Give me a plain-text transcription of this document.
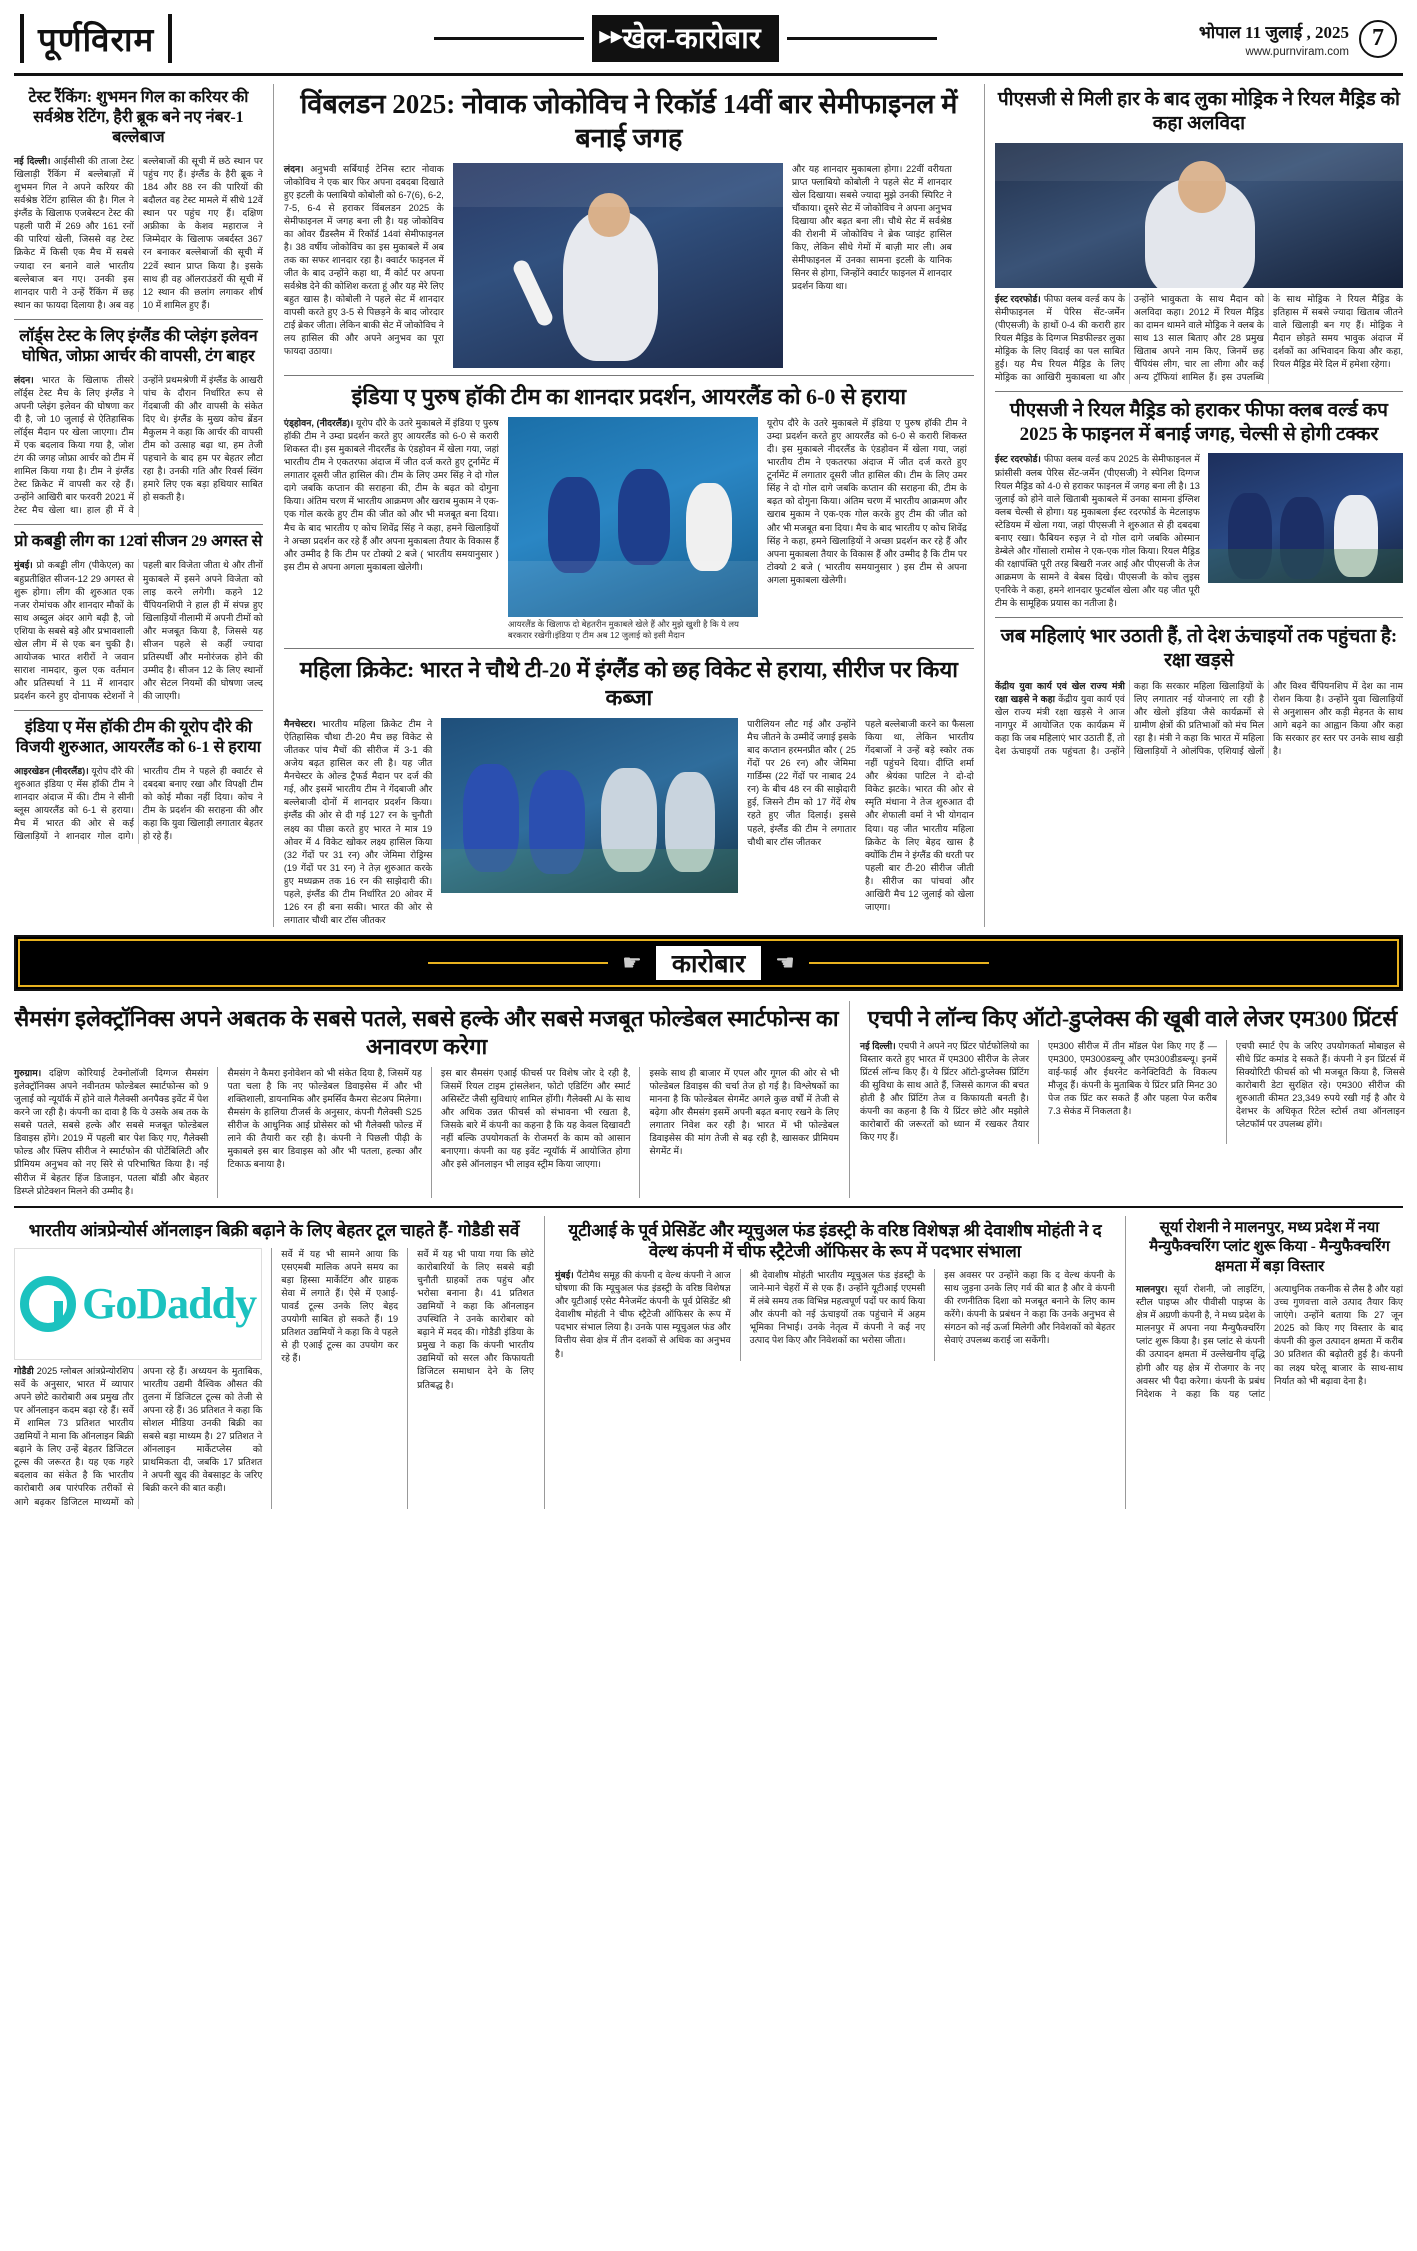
पूर्णविराम	▶▶ खेल-कारोबार	भोपाल 11 जुलाई , 2025
www.purnviram.com
7
टेस्ट रैंकिंग: शुभमन गिल का करियर की सर्वश्रेष्ठ रेटिंग, हैरी ब्रूक बने नए नंबर-1 बल्लेबाज
नई दिल्ली। आईसीसी की ताजा टेस्ट खिलाड़ी रैंकिंग में बल्लेबाज़ों में शुभमन गिल ने अपने करियर की सर्वश्रेष्ठ रेटिंग हासिल की है। गिल ने इंग्लैंड के खिलाफ एजबेस्टन टेस्ट की पहली पारी में 269 और 161 रनों की पारियां खेली, जिससे वह टेस्ट क्रिकेट में किसी एक मैच में सबसे ज्यादा रन बनाने वाले भारतीय बल्लेबाज बन गए। उनकी इस शानदार पारी ने उन्हें रैंकिंग में छह स्थान का फायदा दिलाया है। अब वह बल्लेबाजों की सूची में छठे स्थान पर पहुंच गए हैं। इंग्लैंड के हैरी ब्रूक ने 184 और 88 रन की पारियों की बदौलत वह टेस्ट मामले में सीधे 12वें स्थान पर पहुंच गए हैं। दक्षिण अफ्रीका के केशव महाराज ने जिम्मेदार के खिलाफ जबर्दस्त 367 रन बनाकर बल्लेबाजों की सूची में 22वें स्थान प्राप्त किया है। इसके साथ ही वह ऑलराउंडरों की सूची में 12 स्थान की छलांग लगाकर शीर्ष 10 में शामिल हुए हैं।
लॉर्ड्स टेस्ट के लिए इंग्लैंड की प्लेइंग इलेवन घोषित, जोफ्रा आर्चर की वापसी, टंग बाहर
लंदन। भारत के खिलाफ तीसरे लॉर्ड्स टेस्ट मैच के लिए इंग्लैंड ने अपनी प्लेइंग इलेवन की घोषणा कर दी है, जो 10 जुलाई से ऐतिहासिक लॉर्ड्स मैदान पर खेला जाएगा। टीम में एक बदलाव किया गया है, जोश टंग की जगह जोफ्रा आर्चर को टीम में शामिल किया गया है। टीम ने इंग्लैंड टेस्ट क्रिकेट में वापसी कर रहे हैं। उन्होंने आखिरी बार फरवरी 2021 में टेस्ट मैच खेला था। हाल ही में वे उन्होंने प्रथमश्रेणी में इंग्लैंड के आखरी पांच के दौरान निर्धारित रूप से गेंदबाजी की और वापसी के संकेत दिए थे। इंग्लैंड के मुख्य कोच ब्रेंडन मैकुलम ने कहा कि आर्चर की वापसी टीम को उत्साह बढ़ा था, हम तेजी पहचाने के बाद हम पर बेहतर लौटा रहा है। उनकी गति और रिवर्स स्विंग हमारे लिए एक बड़ा हथियार साबित हो सकती है।
प्रो कबड्डी लीग का 12वां सीजन 29 अगस्त से
मुंबई। प्रो कबड्डी लीग (पीकेएल) का बहुप्रतीक्षित सीजन-12 29 अगस्त से शुरू होगा। लीग की शुरुआत एक नजर रोमांचक और शानदार मौकों के साथ अब्दुल अंदर आगे बढ़ी है, जो एशिया के सबसे बड़े और प्रभावशाली खेल लीग में से एक बन चुकी है। आयोजक भारत शरीरों ने जवान साराश नामदार, कुल एक वर्तमान और प्रतिस्पर्धा ने 11 में शानदार प्रदर्शन करने हुए दोनापक स्टेशनों ने पहली बार विजेता जीता थे और तीनों मुकाबले में इसने अपने विजेता को लाइ करने लगेगी। कहने 12 चैंपियनशिपी ने हाल ही में संपन्न हुए खिलाड़ियों नीलामी में अपनी टीमों को और मजबूत किया है, जिससे यह सीजन पहले से कहीं ज्यादा प्रतिस्पर्धी और मनोरंजक होने की उम्मीद है। सीजन 12 के लिए स्थानों और सेटल नियमों की घोषणा जल्द की जाएगी।
इंडिया ए मेंस हॉकी टीम की यूरोप दौरे की विजयी शुरुआत, आयरलैंड को 6-1 से हराया
आइरखेडन (नीदरलैंड)। यूरोप दौरे की शुरुआत इंडिया ए मेंस हॉकी टीम ने शानदार अंदाज में की। टीम ने सीनी ब्लूस आयरलैंड को 6-1 से हराया। मैच में भारत की ओर से कई खिलाड़ियों ने शानदार गोल दागे। भारतीय टीम ने पहले ही क्वार्टर से दबदबा बनाए रखा और विपक्षी टीम को कोई मौका नहीं दिया। कोच ने टीम के प्रदर्शन की सराहना की और कहा कि युवा खिलाड़ी लगातार बेहतर हो रहे हैं।
विंबलडन 2025: नोवाक जोकोविच ने रिकॉर्ड 14वीं बार सेमीफाइनल में बनाई जगह
लंदन। अनुभवी सर्बियाई टेनिस स्टार नोवाक जोकोविच ने एक बार फिर अपना दबदबा दिखाते हुए इटली के फ्लाबियो कोबोली को 6-7(6), 6-2, 7-5, 6-4 से हराकर विंबलडन 2025 के सेमीफाइनल में जगह बना ली है। यह जोकोविच का ओवर ग्रैंडस्लैम में रिकॉर्ड 14वां सेमीफाइनल है। 38 वर्षीय जोकोविच का इस मुकाबले में अब तक का सफर शानदार रहा है। क्वार्टर फाइनल में जीत के बाद उन्होंने कहा था, मैं कोर्ट पर अपना सर्वश्रेष्ठ देने की कोशिश करता हूं और यह मेरे लिए बहुत खास है। कोबोली ने पहले सेट में शानदार वापसी करते हुए 3-5 से पिछड़ने के बाद जोरदार टाई ब्रेकर जीता। लेकिन बाकी सेट में जोकोविच ने लय हासिल की और अपने अनुभव का पूरा फायदा उठाया।
और यह शानदार मुकाबला होगा। 22वीं वरीयता प्राप्त फ्लाबियो कोबोली ने पहले सेट में शानदार खेल दिखाया। सबसे ज्यादा मुझे उनकी स्पिरिट ने चौंकाया। दूसरे सेट में जोकोविच ने अपना अनुभव दिखाया और बढ़त बना ली। चौथे सेट में सर्वश्रेष्ठ की रोशनी में जोकोविच ने ब्रेक प्वाइंट हासिल किए, लेकिन सीधे गेमों में बाज़ी मार ली। अब सेमीफाइनल में उनका सामना इटली के यानिक सिनर से होगा, जिन्होंने क्वार्टर फाइनल में शानदार प्रदर्शन किया था।
इंडिया ए पुरुष हॉकी टीम का शानदार प्रदर्शन, आयरलैंड को 6-0 से हराया
एंड्होवन, (नीदरलैंड)। यूरोप दौरे के उतरे मुकाबले में इंडिया ए पुरुष हॉकी टीम ने उम्दा प्रदर्शन करते हुए आयरलैंड को 6-0 से करारी शिकस्त दी। इस मुकाबले नीदरलैंड के एंडहोवन में खेला गया, जहां भारतीय टीम ने एकतरफा अंदाज में जीत दर्ज करते हुए टूर्नामेंट में लगातार दूसरी जीत हासिल की। टीम के लिए उमर सिंह ने दो गोल दागे जबकि कप्तान की सराहना की, टीम के बढ़त को दोगुना किया। अंतिम चरण में भारतीय आक्रमण और खराब मुकाम ने एक-एक गोल करके हुए टीम की जीत को और भी मजबूत बना दिया। मैच के बाद भारतीय ए कोच शिवेंद्र सिंह ने कहा, हमने खिलाड़ियों ने अच्छा प्रदर्शन कर रहे हैं और अपना मुकाबला तैयार के विकास हैं और उम्मीद है कि टीम पर टोक्यो 2 बजे ( भारतीय समयानुसार ) इस टीम से अपना अगला मुकाबला खेलेगी।
आयरलैंड के खिलाफ दो बेहतरीन मुकाबले खेले हैं और मुझे खुशी है कि ये लय बरकरार रखेगी।इंडिया ए टीम अब 12 जुलाई को इसी मैदान
यूरोप दौरे के उतरे मुकाबले में इंडिया ए पुरुष हॉकी टीम ने उम्दा प्रदर्शन करते हुए आयरलैंड को 6-0 से करारी शिकस्त दी। इस मुकाबले नीदरलैंड के एंडहोवन में खेला गया, जहां भारतीय टीम ने एकतरफा अंदाज में जीत दर्ज करते हुए टूर्नामेंट में लगातार दूसरी जीत हासिल की। टीम के लिए उमर सिंह ने दो गोल दागे जबकि कप्तान की सराहना की, टीम के बढ़त को दोगुना किया। अंतिम चरण में भारतीय आक्रमण और खराब मुकाम ने एक-एक गोल करके हुए टीम की जीत को और भी मजबूत बना दिया। मैच के बाद भारतीय ए कोच शिवेंद्र सिंह ने कहा, हमने खिलाड़ियों ने अच्छा प्रदर्शन कर रहे हैं और अपना मुकाबला तैयार के विकास हैं और उम्मीद है कि टीम पर टोक्यो 2 बजे ( भारतीय समयानुसार ) इस टीम से अपना अगला मुकाबला खेलेगी।
महिला क्रिकेट: भारत ने चौथे टी-20 में इंग्लैंड को छह विकेट से हराया, सीरीज पर किया कब्जा
मैनचेस्टर। भारतीय महिला क्रिकेट टीम ने ऐतिहासिक चौथा टी-20 मैच छह विकेट से जीतकर पांच मैचों की सीरीज में 3-1 की अजेय बढ़त हासिल कर ली है। यह जीत मैनचेस्टर के ओल्ड ट्रैफर्ड मैदान पर दर्ज की गई, और इसमें भारतीय टीम ने गेंदबाजी और बल्लेबाजी दोनों में शानदार प्रदर्शन किया। इंग्लैंड की ओर से दी गई 127 रन के चुनौती लक्ष्य का पीछा करते हुए भारत ने मात्र 19 ओवर में 4 विकेट खोकर लक्ष्य हासिल किया (32 गेंदों पर 31 रन) और जेमिमा रोड्रिग्स (19 गेंदों पर 31 रन) ने तेज़ शुरुआत करके हुए मध्यक्रम तक 16 रन की साझेदारी की। पहले, इंग्लैंड की टीम निर्धारित 20 ओवर में 126 रन ही बना सकी। भारत की ओर से लगातार चौथी बार टॉस जीतकर
पारीलियन लौट गई और उन्होंने मैच जीतने के उम्मीदें जगाई इसके बाद कप्तान हरमनप्रीत कौर ( 25 गेंदों पर 26 रन) और जेमिमा गार्डिम्स (22 गेंदों पर नाबाद 24 रन) के बीच 48 रन की साझेदारी हुई, जिसने टीम को 17 गेंदें शेष रहते हुए जीत दिलाई। इससे पहले, इंग्लैंड की टीम ने लगातार चौथी बार टॉस जीतकर
पहले बल्लेबाजी करने का फैसला किया था, लेकिन भारतीय गेंदबाजों ने उन्हें बड़े स्कोर तक नहीं पहुंचने दिया। दीप्ति शर्मा और श्रेयंका पाटिल ने दो-दो विकेट झटके। भारत की ओर से स्मृति मंधाना ने तेज शुरुआत दी और शेफाली वर्मा ने भी योगदान दिया। यह जीत भारतीय महिला क्रिकेट के लिए बेहद खास है क्योंकि टीम ने इंग्लैंड की धरती पर पहली बार टी-20 सीरीज जीती है। सीरीज का पांचवां और आखिरी मैच 12 जुलाई को खेला जाएगा।
पीएसजी से मिली हार के बाद लुका मोड्रिक ने रियल मैड्रिड को कहा अलविदा
ईस्ट रदरफोर्ड। फीफा क्लब वर्ल्ड कप के सेमीफाइनल में पेरिस सेंट-जर्मेन (पीएसजी) के हाथों 0-4 की करारी हार रियल मैड्रिड के दिग्गज मिडफील्डर लुका मोड्रिक के लिए विदाई का पल साबित हुई। यह मैच रियल मैड्रिड के लिए मोड्रिक का आखिरी मुकाबला था और उन्होंने भावुकता के साथ मैदान को अलविदा कहा। 2012 में रियल मैड्रिड का दामन थामने वाले मोड्रिक ने क्लब के साथ 13 साल बिताए और 28 प्रमुख खिताब अपने नाम किए, जिनमें छह चैंपियंस लीग, चार ला लीगा और कई अन्य ट्रॉफियां शामिल हैं। इस उपलब्धि के साथ मोड्रिक ने रियल मैड्रिड के इतिहास में सबसे ज्यादा खिताब जीतने वाले खिलाड़ी बन गए हैं। मोड्रिक ने मैदान छोड़ते समय भावुक अंदाज में दर्शकों का अभिवादन किया और कहा, रियल मैड्रिड मेरे दिल में हमेशा रहेगा।
पीएसजी ने रियल मैड्रिड को हराकर फीफा क्लब वर्ल्ड कप 2025 के फाइनल में बनाई जगह, चेल्सी से होगी टक्कर
ईस्ट रदरफोर्ड। फीफा क्लब वर्ल्ड कप 2025 के सेमीफाइनल में फ्रांसीसी क्लब पेरिस सेंट-जर्मेन (पीएसजी) ने स्पेनिश दिग्गज रियल मैड्रिड को 4-0 से हराकर फाइनल में जगह बना ली है। 13 जुलाई को होने वाले खिताबी मुकाबले में उनका सामना इंग्लिश क्लब चेल्सी से होगा। यह मुकाबला ईस्ट रदरफोर्ड के मेटलाइफ स्टेडियम में खेला गया, जहां पीएसजी ने शुरुआत से ही दबदबा बनाए रखा। फैबियन रुइज़ ने दो गोल दागे जबकि ओस्मान डेम्बेले और गोंसालो रामोस ने एक-एक गोल किया। रियल मैड्रिड की रक्षापंक्ति पूरी तरह बिखरी नजर आई और पीएसजी के तेज आक्रमण के सामने वे बेबस दिखे। पीएसजी के कोच लुइस एनरिके ने कहा, हमने शानदार फुटबॉल खेला और यह जीत पूरी टीम के सामूहिक प्रयास का नतीजा है।
जब महिलाएं भार उठाती हैं, तो देश ऊंचाइयों तक पहुंचता है: रक्षा खड़से
केंद्रीय युवा कार्य एवं खेल राज्य मंत्री रक्षा खड़से ने कहा केंद्रीय युवा कार्य एवं खेल राज्य मंत्री रक्षा खड़से ने आज नागपुर में आयोजित एक कार्यक्रम में कहा कि जब महिलाएं भार उठाती हैं, तो देश ऊंचाइयों तक पहुंचता है। उन्होंने कहा कि सरकार महिला खिलाड़ियों के लिए लगातार नई योजनाएं ला रही है और खेलो इंडिया जैसे कार्यक्रमों से ग्रामीण क्षेत्रों की प्रतिभाओं को मंच मिल रहा है। मंत्री ने कहा कि भारत में महिला खिलाड़ियों ने ओलंपिक, एशियाई खेलों और विश्व चैंपियनशिप में देश का नाम रोशन किया है। उन्होंने युवा खिलाड़ियों से अनुशासन और कड़ी मेहनत के साथ आगे बढ़ने का आह्वान किया और कहा कि सरकार हर स्तर पर उनके साथ खड़ी है।
☛	कारोबार	☚
सैमसंग इलेक्ट्रॉनिक्स अपने अबतक के सबसे पतले, सबसे हल्के और सबसे मजबूत फोल्डेबल स्मार्टफोन्स का अनावरण करेगा
गुरुग्राम। दक्षिण कोरियाई टेक्नोलॉजी दिग्गज सैमसंग इलेक्ट्रॉनिक्स अपने नवीनतम फोल्डेबल स्मार्टफोन्स को 9 जुलाई को न्यूयॉर्क में होने वाले गैलेक्सी अनपैक्ड इवेंट में पेश करने जा रही है। कंपनी का दावा है कि ये उसके अब तक के सबसे पतले, सबसे हल्के और सबसे मजबूत फोल्डेबल डिवाइस होंगे। 2019 में पहली बार पेश किए गए, गैलेक्सी फोल्ड और फ्लिप सीरीज ने स्मार्टफोन की पोर्टेबिलिटी और प्रीमियम अनुभव को नए सिरे से परिभाषित किया है। नई सीरीज में बेहतर हिंज डिजाइन, पतला बॉडी और बेहतर डिस्प्ले प्रोटेक्शन मिलने की उम्मीद है।
सैमसंग ने कैमरा इनोवेशन को भी संकेत दिया है, जिसमें यह पता चला है कि नए फोल्डेबल डिवाइसेस में और भी शक्तिशाली, डायनामिक और इमर्सिव कैमरा सेटअप मिलेगा। सैमसंग के हालिया टीजर्स के अनुसार, कंपनी गैलेक्सी S25 सीरीज के आधुनिक आई प्रोसेसर को भी गैलेक्सी फोल्ड में लाने की तैयारी कर रही है। कंपनी ने पिछली पीढ़ी के मुकाबले इस बार डिवाइस को और भी पतला, हल्का और टिकाऊ बनाया है।
इस बार सैमसंग एआई फीचर्स पर विशेष जोर दे रही है, जिसमें रियल टाइम ट्रांसलेशन, फोटो एडिटिंग और स्मार्ट असिस्टेंट जैसी सुविधाएं शामिल होंगी। गैलेक्सी AI के साथ और अधिक उन्नत फीचर्स को संभावना भी रखता है, जिसके बारे में कंपनी का कहना है कि यह केवल दिखावटी नहीं बल्कि उपयोगकर्ता के रोजमर्रा के काम को आसान बनाएगा। कंपनी का यह इवेंट न्यूयॉर्क में आयोजित होगा और इसे ऑनलाइन भी लाइव स्ट्रीम किया जाएगा।
इसके साथ ही बाजार में एपल और गूगल की ओर से भी फोल्डेबल डिवाइस की चर्चा तेज हो गई है। विश्लेषकों का मानना है कि फोल्डेबल सेगमेंट अगले कुछ वर्षों में तेजी से बढ़ेगा और सैमसंग इसमें अपनी बढ़त बनाए रखने के लिए लगातार निवेश कर रही है। भारत में भी फोल्डेबल डिवाइसेस की मांग तेजी से बढ़ रही है, खासकर प्रीमियम सेगमेंट में।
एचपी ने लॉन्च किए ऑटो-डुप्लेक्स की खूबी वाले लेजर एम300 प्रिंटर्स
नई दिल्ली। एचपी ने अपने नए प्रिंटर पोर्टफोलियो का विस्तार करते हुए भारत में एम300 सीरीज के लेजर प्रिंटर्स लॉन्च किए हैं। ये प्रिंटर ऑटो-डुप्लेक्स प्रिंटिंग की सुविधा के साथ आते हैं, जिससे कागज की बचत होती है और प्रिंटिंग तेज व किफायती बनती है। कंपनी का कहना है कि ये प्रिंटर छोटे और मझोले कारोबारों की जरूरतों को ध्यान में रखकर तैयार किए गए हैं।
एम300 सीरीज में तीन मॉडल पेश किए गए हैं — एम300, एम300डब्ल्यू और एम300डीडब्ल्यू। इनमें वाई-फाई और ईथरनेट कनेक्टिविटी के विकल्प मौजूद हैं। कंपनी के मुताबिक ये प्रिंटर प्रति मिनट 30 पेज तक प्रिंट कर सकते हैं और पहला पेज करीब 7.3 सेकंड में निकलता है।
एचपी स्मार्ट ऐप के जरिए उपयोगकर्ता मोबाइल से सीधे प्रिंट कमांड दे सकते हैं। कंपनी ने इन प्रिंटर्स में सिक्योरिटी फीचर्स को भी मजबूत किया है, जिससे कारोबारी डेटा सुरक्षित रहे। एम300 सीरीज की शुरुआती कीमत 23,349 रुपये रखी गई है और ये देशभर के अधिकृत रिटेल स्टोर्स तथा ऑनलाइन प्लेटफॉर्म पर उपलब्ध होंगे।
भारतीय आंत्रप्रेन्योर्स ऑनलाइन बिक्री बढ़ाने के लिए बेहतर टूल चाहते हैं- गोडैडी सर्वे
GoDaddy
गोडैडी 2025 ग्लोबल आंत्रप्रेन्योरशिप सर्वे के अनुसार, भारत में व्यापार अपने छोटे कारोबारी अब प्रमुख तौर पर ऑनलाइन कदम बढ़ा रहे हैं। सर्वे में शामिल 73 प्रतिशत भारतीय उद्यमियों ने माना कि ऑनलाइन बिक्री बढ़ाने के लिए उन्हें बेहतर डिजिटल टूल्स की जरूरत है। यह एक गहरे बदलाव का संकेत है कि भारतीय कारोबारी अब पारंपरिक तरीकों से आगे बढ़कर डिजिटल माध्यमों को अपना रहे हैं। अध्ययन के मुताबिक, भारतीय उद्यमी वैश्विक औसत की तुलना में डिजिटल टूल्स को तेजी से अपना रहे हैं। 36 प्रतिशत ने कहा कि सोशल मीडिया उनकी बिक्री का सबसे बड़ा माध्यम है। 27 प्रतिशत ने ऑनलाइन मार्केटप्लेस को प्राथमिकता दी, जबकि 17 प्रतिशत ने अपनी खुद की वेबसाइट के जरिए बिक्री करने की बात कही।
सर्वे में यह भी सामने आया कि एसएमबी मालिक अपने समय का बड़ा हिस्सा मार्केटिंग और ग्राहक सेवा में लगाते हैं। ऐसे में एआई-पावर्ड टूल्स उनके लिए बेहद उपयोगी साबित हो सकते हैं। 19 प्रतिशत उद्यमियों ने कहा कि वे पहले से ही एआई टूल्स का उपयोग कर रहे हैं।
सर्वे में यह भी पाया गया कि छोटे कारोबारियों के लिए सबसे बड़ी चुनौती ग्राहकों तक पहुंच और भरोसा बनाना है। 41 प्रतिशत उद्यमियों ने कहा कि ऑनलाइन उपस्थिति ने उनके कारोबार को बढ़ाने में मदद की। गोडैडी इंडिया के प्रमुख ने कहा कि कंपनी भारतीय उद्यमियों को सरल और किफायती डिजिटल समाधान देने के लिए प्रतिबद्ध है।
यूटीआई के पूर्व प्रेसिडेंट और म्यूचुअल फंड इंडस्ट्री के वरिष्ठ विशेषज्ञ श्री देवाशीष मोहंती ने द वेल्थ कंपनी में चीफ स्ट्रैटेजी ऑफिसर के रूप में पदभार संभाला
मुंबई। पैंटोमैथ समूह की कंपनी द वेल्थ कंपनी ने आज घोषणा की कि म्यूचुअल फंड इंडस्ट्री के वरिष्ठ विशेषज्ञ और यूटीआई एसेट मैनेजमेंट कंपनी के पूर्व प्रेसिडेंट श्री देवाशीष मोहंती ने चीफ स्ट्रैटेजी ऑफिसर के रूप में पदभार संभाल लिया है। उनके पास म्यूचुअल फंड और वित्तीय सेवा क्षेत्र में तीन दशकों से अधिक का अनुभव है।
श्री देवाशीष मोहंती भारतीय म्यूचुअल फंड इंडस्ट्री के जाने-माने चेहरों में से एक हैं। उन्होंने यूटीआई एएमसी में लंबे समय तक विभिन्न महत्वपूर्ण पदों पर कार्य किया और कंपनी को नई ऊंचाइयों तक पहुंचाने में अहम भूमिका निभाई। उनके नेतृत्व में कंपनी ने कई नए उत्पाद पेश किए और निवेशकों का भरोसा जीता।
इस अवसर पर उन्होंने कहा कि द वेल्थ कंपनी के साथ जुड़ना उनके लिए गर्व की बात है और वे कंपनी की रणनीतिक दिशा को मजबूत बनाने के लिए काम करेंगे। कंपनी के प्रबंधन ने कहा कि उनके अनुभव से संगठन को नई ऊर्जा मिलेगी और निवेशकों को बेहतर सेवाएं उपलब्ध कराई जा सकेंगी।
सूर्या रोशनी ने मालनपुर, मध्य प्रदेश में नया मैन्युफैक्चरिंग प्लांट शुरू किया - मैन्युफैक्चरिंग क्षमता में बड़ा विस्तार
मालनपुर। सूर्या रोशनी, जो लाइटिंग, स्टील पाइप्स और पीवीसी पाइप्स के क्षेत्र में अग्रणी कंपनी है, ने मध्य प्रदेश के मालनपुर में अपना नया मैन्युफैक्चरिंग प्लांट शुरू किया है। इस प्लांट से कंपनी की उत्पादन क्षमता में उल्लेखनीय वृद्धि होगी और यह क्षेत्र में रोजगार के नए अवसर भी पैदा करेगा। कंपनी के प्रबंध निदेशक ने कहा कि यह प्लांट अत्याधुनिक तकनीक से लैस है और यहां उच्च गुणवत्ता वाले उत्पाद तैयार किए जाएंगे। उन्होंने बताया कि 27 जून 2025 को किए गए विस्तार के बाद कंपनी की कुल उत्पादन क्षमता में करीब 30 प्रतिशत की बढ़ोतरी हुई है। कंपनी का लक्ष्य घरेलू बाजार के साथ-साथ निर्यात को भी बढ़ावा देना है।
